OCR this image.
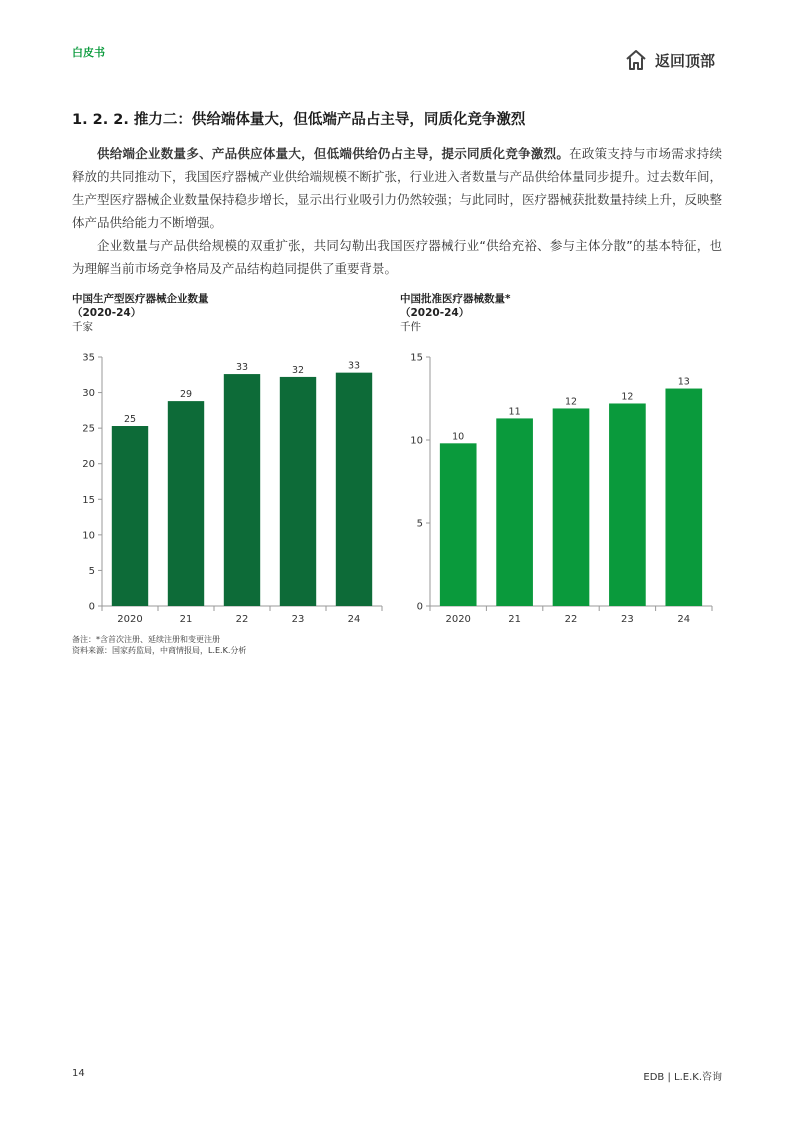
白皮书	返回顶部
1. 2. 2. 推力二：供给端体量大，但低端产品占主导，同质化竞争激烈

供给端企业数量多、产品供应体量大，但低端供给仍占主导，提示同质化竞争激烈。在政策支持与市场需求持续释放的共同推动下，我国医疗器械产业供给端规模不断扩张，行业进入者数量与产品供给体量同步提升。过去数年间，生产型医疗器械企业数量保持稳步增长，显示出行业吸引力仍然较强；与此同时，医疗器械获批数量持续上升，反映整体产品供给能力不断增强。

企业数量与产品供给规模的双重扩张，共同勾勒出我国医疗器械行业“供给充裕、参与主体分散”的基本特征，也为理解当前市场竞争格局及产品结构趋同提供了重要背景。

中国生产型医疗器械企业数量
（2020-24）
千家
0
5
10
15
20
25
30
35
25
2020
29
21
33
22
32
23
33
24
中国批准医疗器械数量*
（2020-24）
千件
0
5
10
15
10
2020
11
21
12
22
12
23
13
24
备注：*含首次注册、延续注册和变更注册
资料来源：国家药监局，中商情报局，L.E.K.分析
14	EDB | L.E.K.咨询
